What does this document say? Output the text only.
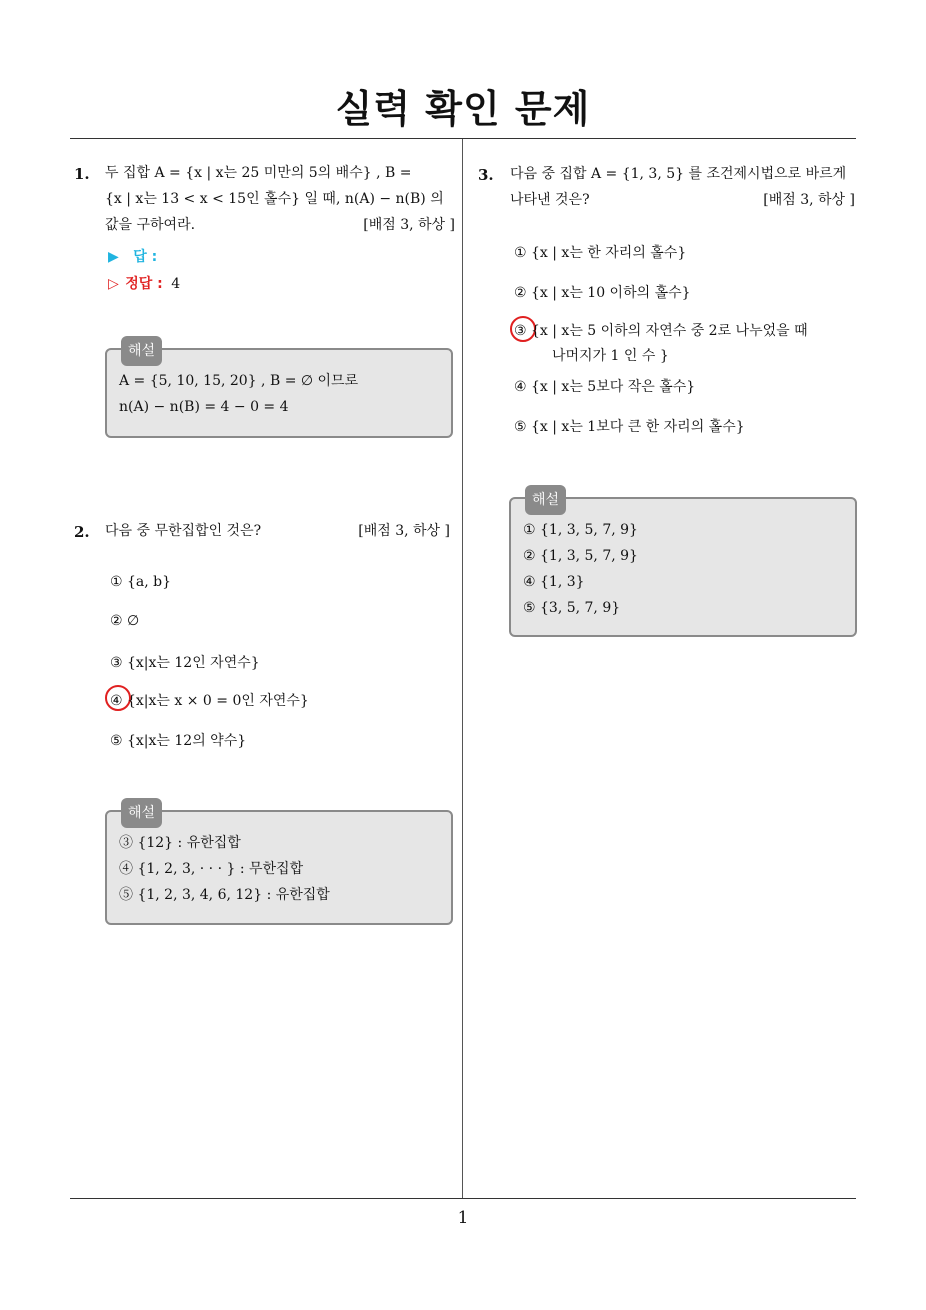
실력 확인 문제
1. 두 집합 A = {x | x는 25 미만의 5의 배수} , B =
{x | x는 13 < x < 15인 홀수} 일 때, n(A) − n(B) 의
값을 구하여라.	[배점 3, 하상 ]
▶ 답 :
▷ 정답 : 4
해설
A = {5, 10, 15, 20} , B = ∅ 이므로
n(A) − n(B) = 4 − 0 = 4
2. 다음 중 무한집합인 것은?	[배점 3, 하상 ]
① {a, b}
② ∅
③ {x|x는 12인 자연수}
④ {x|x는 x × 0 = 0인 자연수}
⑤ {x|x는 12의 약수}
해설
③ {12} : 유한집합
④ {1, 2, 3, · · · } : 무한집합
⑤ {1, 2, 3, 4, 6, 12} : 유한집합
3. 다음 중 집합 A = {1, 3, 5} 를 조건제시법으로 바르게
나타낸 것은?	[배점 3, 하상 ]
① {x | x는 한 자리의 홀수}
② {x | x는 10 이하의 홀수}
③ {x | x는 5 이하의 자연수 중 2로 나누었을 때
나머지가 1 인 수 }
④ {x | x는 5보다 작은 홀수}
⑤ {x | x는 1보다 큰 한 자리의 홀수}
해설
① {1, 3, 5, 7, 9}
② {1, 3, 5, 7, 9}
④ {1, 3}
⑤ {3, 5, 7, 9}
1
